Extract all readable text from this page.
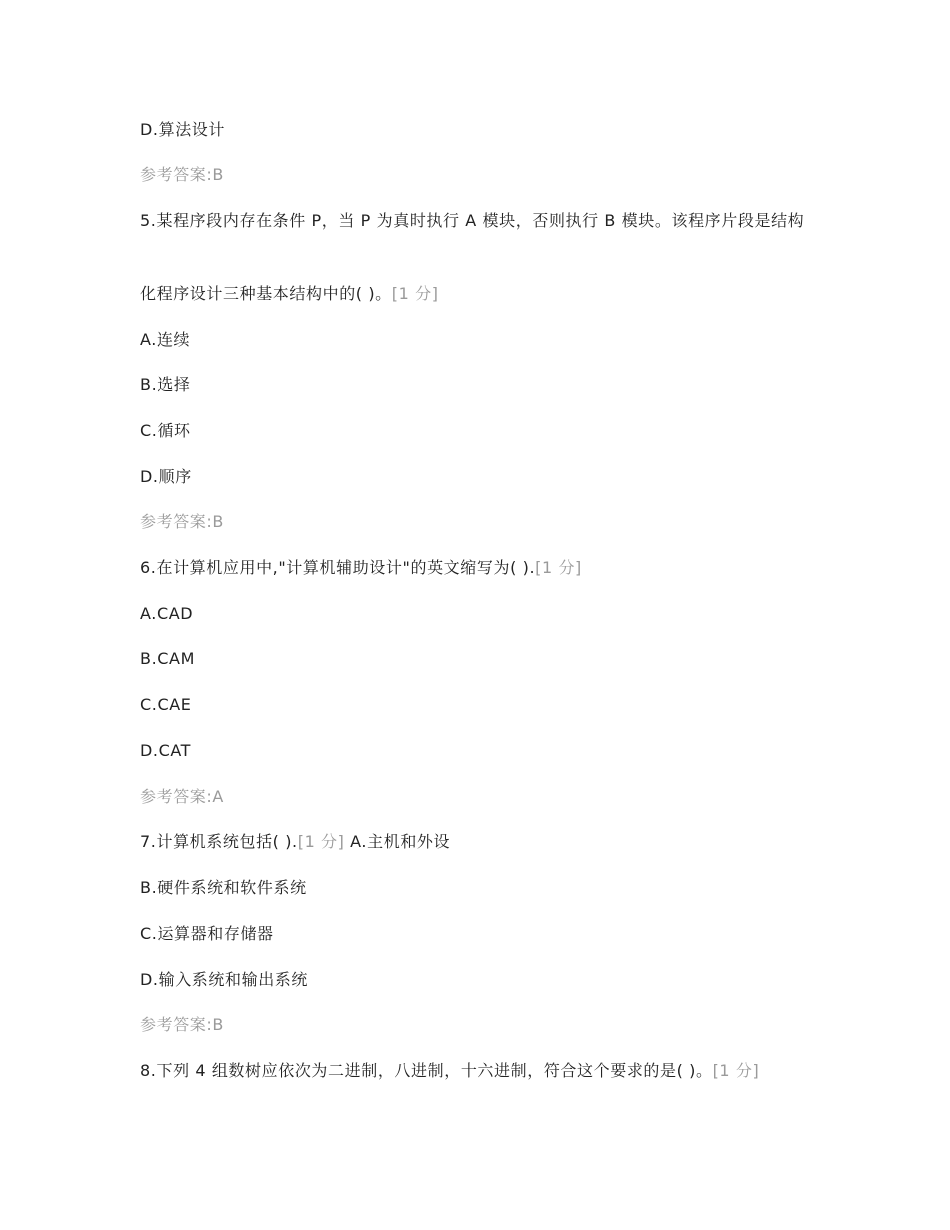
D.算法设计
参考答案:B
5.某程序段内存在条件 P，当 P 为真时执行 A 模块，否则执行 B 模块。该程序片段是结构
化程序设计三种基本结构中的( )。[1 分]
A.连续
B.选择
C.循环
D.顺序
参考答案:B
6.在计算机应用中,"计算机辅助设计"的英文缩写为( ).[1 分]
A.CAD
B.CAM
C.CAE
D.CAT
参考答案:A
7.计算机系统包括( ).[1 分] A.主机和外设
B.硬件系统和软件系统
C.运算器和存储器
D.输入系统和输出系统
参考答案:B
8.下列 4 组数树应依次为二进制，八进制，十六进制，符合这个要求的是( )。[1 分]
